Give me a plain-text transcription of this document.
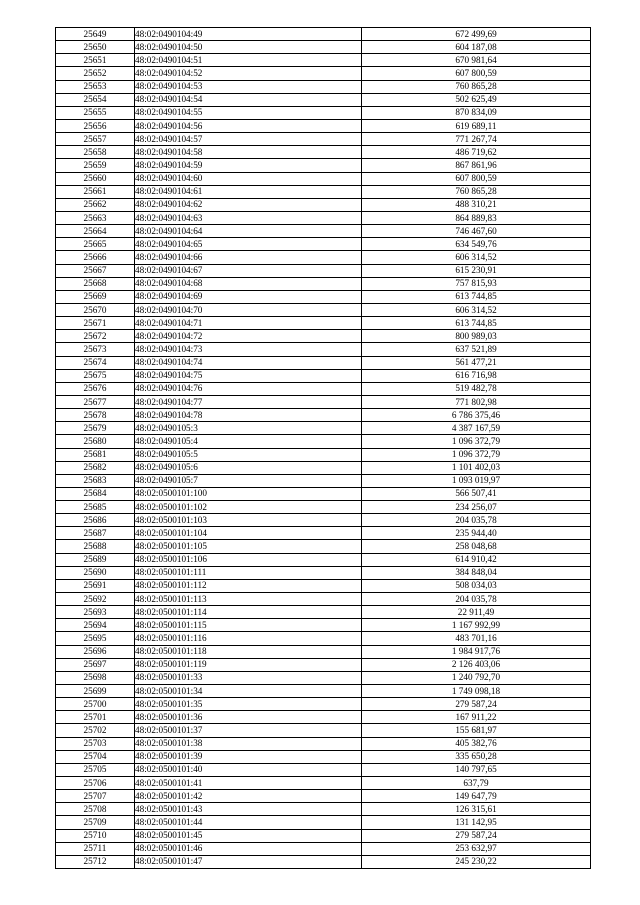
25649	48:02:0490104:49	672 499,69
25650	48:02:0490104:50	604 187,08
25651	48:02:0490104:51	670 981,64
25652	48:02:0490104:52	607 800,59
25653	48:02:0490104:53	760 865,28
25654	48:02:0490104:54	502 625,49
25655	48:02:0490104:55	870 834,09
25656	48:02:0490104:56	619 689,11
25657	48:02:0490104:57	771 267,74
25658	48:02:0490104:58	486 719,62
25659	48:02:0490104:59	867 861,96
25660	48:02:0490104:60	607 800,59
25661	48:02:0490104:61	760 865,28
25662	48:02:0490104:62	488 310,21
25663	48:02:0490104:63	864 889,83
25664	48:02:0490104:64	746 467,60
25665	48:02:0490104:65	634 549,76
25666	48:02:0490104:66	606 314,52
25667	48:02:0490104:67	615 230,91
25668	48:02:0490104:68	757 815,93
25669	48:02:0490104:69	613 744,85
25670	48:02:0490104:70	606 314,52
25671	48:02:0490104:71	613 744,85
25672	48:02:0490104:72	800 989,03
25673	48:02:0490104:73	637 521,89
25674	48:02:0490104:74	561 477,21
25675	48:02:0490104:75	616 716,98
25676	48:02:0490104:76	519 482,78
25677	48:02:0490104:77	771 802,98
25678	48:02:0490104:78	6 786 375,46
25679	48:02:0490105:3	4 387 167,59
25680	48:02:0490105:4	1 096 372,79
25681	48:02:0490105:5	1 096 372,79
25682	48:02:0490105:6	1 101 402,03
25683	48:02:0490105:7	1 093 019,97
25684	48:02:0500101:100	566 507,41
25685	48:02:0500101:102	234 256,07
25686	48:02:0500101:103	204 035,78
25687	48:02:0500101:104	235 944,40
25688	48:02:0500101:105	258 048,68
25689	48:02:0500101:106	614 910,42
25690	48:02:0500101:111	384 848,04
25691	48:02:0500101:112	508 034,03
25692	48:02:0500101:113	204 035,78
25693	48:02:0500101:114	22 911,49
25694	48:02:0500101:115	1 167 992,99
25695	48:02:0500101:116	483 701,16
25696	48:02:0500101:118	1 984 917,76
25697	48:02:0500101:119	2 126 403,06
25698	48:02:0500101:33	1 240 792,70
25699	48:02:0500101:34	1 749 098,18
25700	48:02:0500101:35	279 587,24
25701	48:02:0500101:36	167 911,22
25702	48:02:0500101:37	155 681,97
25703	48:02:0500101:38	405 382,76
25704	48:02:0500101:39	335 650,28
25705	48:02:0500101:40	140 797,65
25706	48:02:0500101:41	637,79
25707	48:02:0500101:42	149 647,79
25708	48:02:0500101:43	126 315,61
25709	48:02:0500101:44	131 142,95
25710	48:02:0500101:45	279 587,24
25711	48:02:0500101:46	253 632,97
25712	48:02:0500101:47	245 230,22
